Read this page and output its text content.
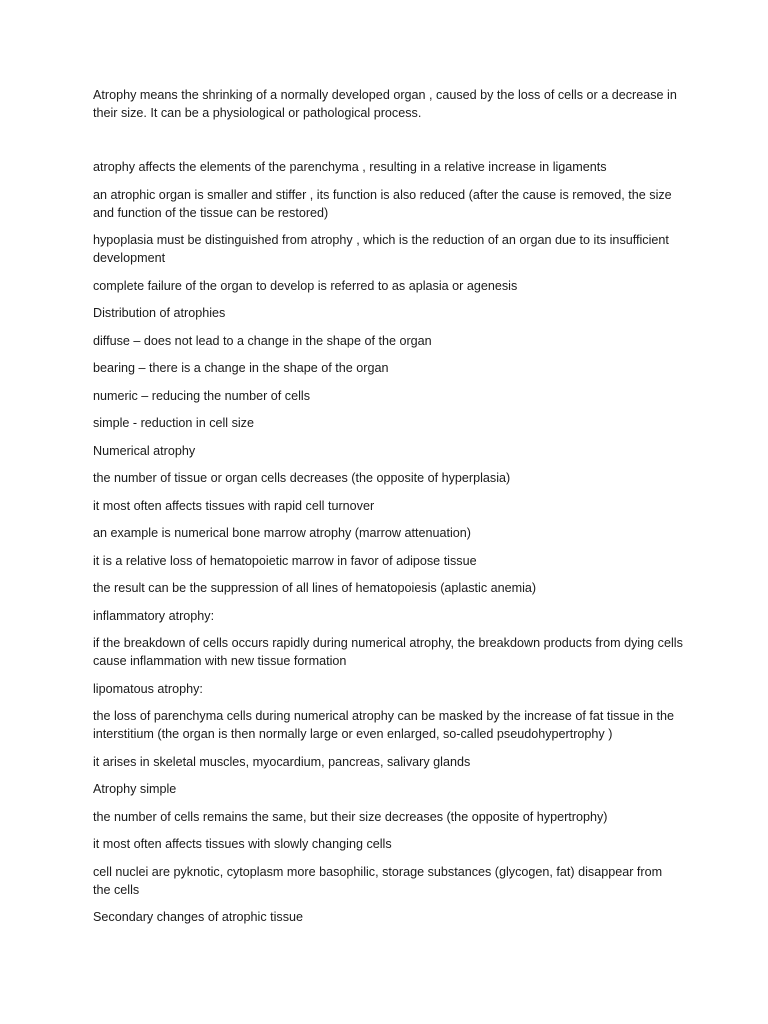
Atrophy means the shrinking of a normally developed organ , caused by the loss of cells or a decrease in their size. It can be a physiological or pathological process.

atrophy affects the elements of the parenchyma , resulting in a relative increase in ligaments

an atrophic organ is smaller and stiffer , its function is also reduced (after the cause is removed, the size and function of the tissue can be restored)

hypoplasia must be distinguished from atrophy , which is the reduction of an organ due to its insufficient development

complete failure of the organ to develop is referred to as aplasia or agenesis

Distribution of atrophies

diffuse – does not lead to a change in the shape of the organ

bearing – there is a change in the shape of the organ

numeric – reducing the number of cells

simple - reduction in cell size

Numerical atrophy

the number of tissue or organ cells decreases (the opposite of hyperplasia)

it most often affects tissues with rapid cell turnover

an example is numerical bone marrow atrophy (marrow attenuation)

it is a relative loss of hematopoietic marrow in favor of adipose tissue

the result can be the suppression of all lines of hematopoiesis (aplastic anemia)

inflammatory atrophy:

if the breakdown of cells occurs rapidly during numerical atrophy, the breakdown products from dying cells cause inflammation with new tissue formation

lipomatous atrophy:

the loss of parenchyma cells during numerical atrophy can be masked by the increase of fat tissue in the interstitium (the organ is then normally large or even enlarged, so-called pseudohypertrophy )

it arises in skeletal muscles, myocardium, pancreas, salivary glands

Atrophy simple

the number of cells remains the same, but their size decreases (the opposite of hypertrophy)

it most often affects tissues with slowly changing cells

cell nuclei are pyknotic, cytoplasm more basophilic, storage substances (glycogen, fat) disappear from the cells

Secondary changes of atrophic tissue
